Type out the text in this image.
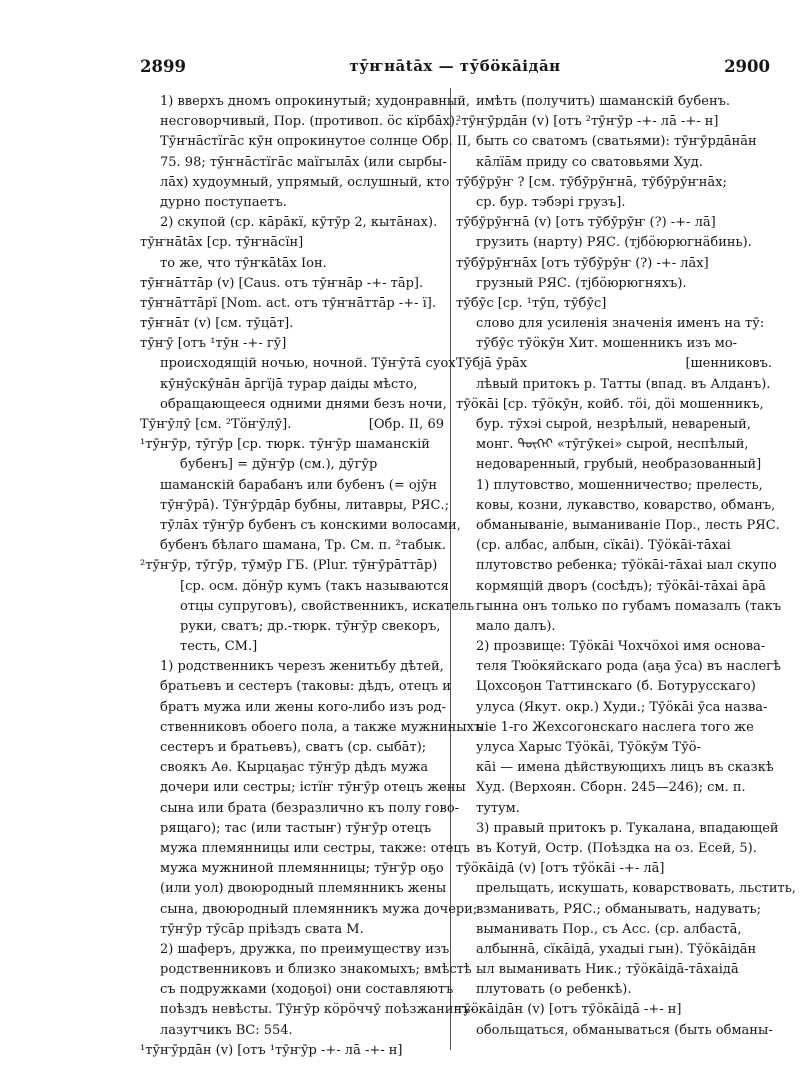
2899	тӯҥнātāх — тӯбӧкāідāн	2900
1) вверхъ дномъ опрокинутый; худонравный,
несговорчивый, Пор. (противоп. ӧс кїрбāх).
Тӯҥнāстїгāс кӯн опрокинутое солнце Обр. II,
75. 98; тӯҥнāстїгāс маїгылāх (или сырбы-
лāх) худоумный, упрямый, ослушный, кто
дурно поступаетъ.
2) скупой (ср. кāрāкї, кӯтӯр 2, кытāнах).
тӯҥнātāх [ср. тӯҥнāсїн]
то же, что тӯҥкātāх Іон.
тӯҥнāттāр (v) [Caus. отъ тӯҥнāр -+- тāр].
тӯҥнāттāрї [Nom. act. отъ тӯҥнāттāр -+- ї].
тӯҥнāт (v) [см. тӯцāт].
тӯҥӯ [отъ ¹тӯн -+- гӯ]
происходящій ночью, ночной. Тӯҥӯтā суох
кӯнӯскӯнāн āргїjā турар даіды мѣсто,
обращающееся одними днями безъ ночи,
Тӯҥӯлӯ [см. ²Тӧҥӯлӯ].	[Обр. II, 69
¹тӯҥӯр, тӯгӯр [ср. тюрк. тӯҥӯр шаманскій
бубенъ] = дӯҥӯр (см.), дӯгӯр
шаманскій барабанъ или бубенъ (= оjӯн
тӯҥӯрā). Тӯҥӯрдāр бубны, литавры, РЯС.;
тӯлāх тӯҥӯр бубенъ съ конскими волосами,
бубенъ бѣлаго шамана, Тр. См. п. ²табык.
²тӯҥӯр, тӯгӯр, тӯмӯр ГБ. (Plur. тӯҥӯрāттāр)
[ср. осм. дӧнӯр кумъ (такъ называются
отцы супруговъ), свойственникъ, искатель
руки, сватъ; др.-тюрк. тӯҥӯр свекоръ,
тесть, СМ.]
1) родственникъ черезъ женитьбу дѣтей,
братьевъ и сестеръ (таковы: дѣдъ, отецъ и
братъ мужа или жены кого-либо изъ род-
ственниковъ обоего пола, а также мужниныхъ
сестеръ и братьевъ), сватъ (ср. сыбāт);
своякъ Аѳ. Кырцаҕас тӯҥӯр дѣдъ мужа
дочери или сестры; істїҥ тӯҥӯр отецъ жены
сына или брата (безразлично къ полу гово-
рящаго); тас (или тастыҥ) тӯҥӯр отецъ
мужа племянницы или сестры, также: отецъ
мужа мужниной племянницы; тӯҥӯр оҕо
(или уол) двоюродный племянникъ жены
сына, двоюродный племянникъ мужа дочери;
тӯҥӯр тӯсāр пріѣздъ свата М.
2) шаферъ, дружка, по преимуществу изъ
родственниковъ и близко знакомыхъ; вмѣстѣ
съ подружками (ходоҕоі) они составляютъ
поѣздъ невѣсты. Тӯҥӯр кӧрӧччӯ поѣзжанинъ-
лазутчикъ ВС: 554.
¹тӯҥӯрдāн (v) [отъ ¹тӯҥӯр -+- лā -+- н]
имѣть (получить) шаманскій бубенъ.
²тӯҥӯрдāн (v) [отъ ²тӯҥӯр -+- лā -+- н]
быть со сватомъ (сватьями): тӯҥӯрдāнāн
кāлїāм приду со сватовьями Худ.
тӯбӯрӯҥ ? [см. тӯбӯрӯҥнā, тӯбӯрӯҥнāх;
ср. бур. тэбэрi грузъ].
тӯбӯрӯҥнā (v) [отъ тӯбӯрӯҥ (?) -+- лā]
грузить (нарту) РЯС. (тјбӧюрюгнӓбинь).
тӯбӯрӯҥнāх [отъ тӯбӯрӯҥ (?) -+- лāх]
грузный РЯС. (тјбӧюрюгняхъ).
тӯбӯс [ср. ¹тӯп, тӯбӯс]
слово для усиленія значенія именъ на тӯ:
тӯбӯс тӯӧкӯн Хит. мошенникъ изъ мо-
Тӯбjā ӯрāх	[шенниковъ.
лѣвый притокъ р. Татты (впад. въ Алданъ).
тӯӧкāі [ср. тӯӧкӯн, койб. тӧі, дӧі мошенникъ,
бур. тӯхэі сырой, незрѣлый, невареный,
монг. ᠲᠦᠬᠡᠢ «тӯгӯкеі» сырой, неспѣлый,
недоваренный, грубый, необразованный]
1) плутовство, мошенничество; прелесть,
ковы, козни, лукавство, коварство, обманъ,
обманываніе, выманиваніе Пор., лесть РЯС.
(ср. албас, албын, сїкāі). Тӯӧкāі-тāхаі
плутовство ребенка; тӯӧкāі-тāхаі ыал скупо
кормящій дворъ (сосѣдъ); тӯӧкāі-тāхаі āрā
гынна онъ только по губамъ помазалъ (такъ
мало далъ).
2) прозвище: Тӯӧкāі Чохчӧхоі имя основа-
теля Тюӧкяйскаго рода (аҕа ӯса) въ наслегѣ
Цохсоҕон Таттинскаго (б. Ботурусскаго)
улуса (Якут. окр.) Худи.; Тӯӧкāі ӯса назва-
ніе 1-го Жехсогонскаго наслега того же
улуса Харыс Тӯӧкāі, Тӯӧкӯм Тӯӧ-
кāі — имена дѣйствующихъ лицъ въ сказкѣ
Худ. (Верхоян. Сборн. 245—246); см. п.
тутум.
3) правый притокъ р. Тукалана, впадающей
въ Котуй, Остр. (Поѣздка на оз. Есей, 5).
тӯӧкāідā (v) [отъ тӯӧкāі -+- лā]
прельщать, искушать, коварствовать, льстить,
взманивать, РЯС.; обманывать, надувать;
выманивать Пор., съ Асс. (ср. албастā,
албыннā, сїкāідā, ухадыі гын). Тӯӧкāідāн
ыл выманивать Ник.; тӯӧкāідā-тāхаідā
плутовать (о ребенкѣ).
тӯӧкāідāн (v) [отъ тӯӧкāідā -+- н]
обольщаться, обманываться (быть обманы-
